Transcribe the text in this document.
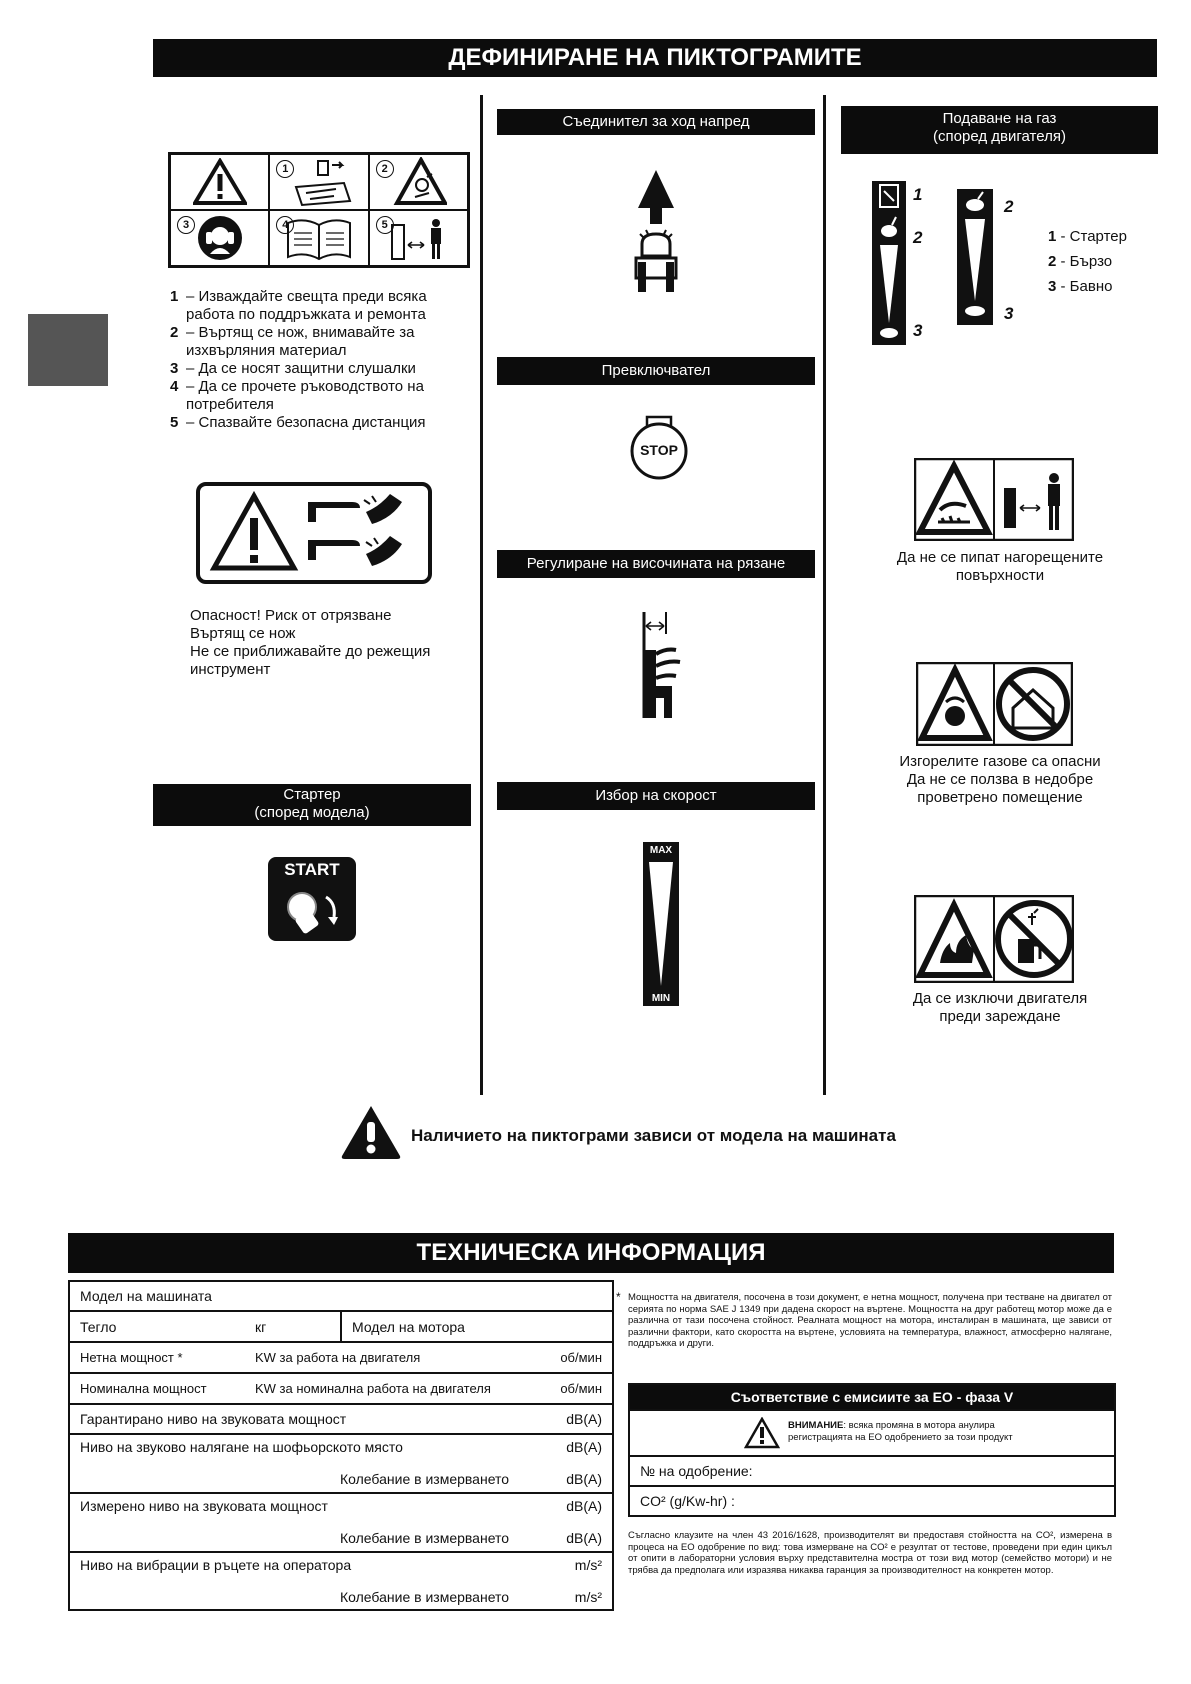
ДЕФИНИРАНЕ НА ПИКТОГРАМИТЕ
1	2
3	4	5
1 – Изваждайте свещта преди всяка работа по поддръжката и ремонта
2 – Въртящ се нож, внимавайте за изхвърляния материал
3 – Да се носят защитни слушалки
4 – Да се прочете ръководството на потребителя
5 – Спазвайте безопасна дистанция
Опасност! Риск от отрязване
Въртящ се нож
Не се приближавайте до режещия инструмент
Стартер
(според модела)
START
Съединител за ход напред
Превключвател
STOP
Регулиране на височината на рязане
Избор на скорост
MAX
MIN
Подаване на газ
(според двигателя)
1
2
3
2
3
1 - Стартер
2 - Бързо
3 - Бавно
Да не се пипат нагорещените
повърхности
Изгорелите газове са опасни
Да не се ползва в недобре
проветрено помещение
Да се изключи двигателя
преди зареждане
Наличието на пиктограми зависи от модела на машината
ТЕХНИЧЕСКА ИНФОРМАЦИЯ
Модел на машината
Тегло	кг	Модел на мотора
Нетна мощност *	KW за работа на двигателя	об/мин
Номинална мощност	KW за номинална работа на двигателя	об/мин
Гарантирано ниво на звуковата мощност	dB(A)
Ниво на звуково налягане на шофьорското място	dB(A)
Колебание в измерването	dB(A)
Измерено ниво на звуковата мощност	dB(A)
Колебание в измерването	dB(A)
Ниво на вибрации в ръцете на оператора	m/s²
Колебание в измерването	m/s²
* Мощността на двигателя, посочена в този документ, е нетна мощност, получена при тестване на двигател от серията по норма SAE J 1349 при дадена скорост на въртене. Мощността на друг работещ мотор може да е различна от тази посочена стойност. Реалната мощност на мотора, инсталиран в машината, ще зависи от различни фактори, като скоростта на въртене, условията на температура, влажност, атмосферно налягане, поддръжка и други.
Съответствие с емисиите за ЕО - фаза V
ВНИМАНИЕ: всяка промяна в мотора анулира
регистрацията на ЕО одобрението за този продукт
№ на одобрение:
CO² (g/Kw-hr) :
Съгласно клаузите на член 43 2016/1628, производителят ви предоставя стойността на CO², измерена в процеса на ЕО одобрение по вид: това измерване на CO² е резултат от тестове, проведени при един цикъл от опити в лабораторни условия върху представителна мостра от този вид мотор (семейство мотори) и не трябва да предполага или изразява никаква гаранция за производителност на конкретен мотор.
